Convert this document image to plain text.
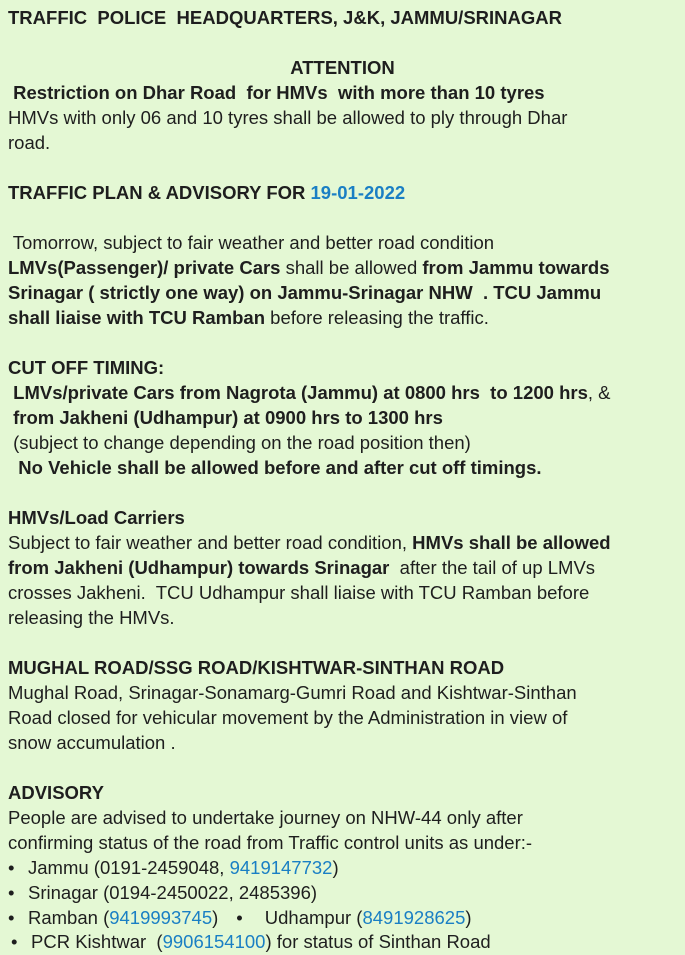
TRAFFIC  POLICE  HEADQUARTERS, J&K, JAMMU/SRINAGAR
ATTENTION
Restriction on Dhar Road  for HMVs  with more than 10 tyres
HMVs with only 06 and 10 tyres shall be allowed to ply through Dhar
road.
TRAFFIC PLAN & ADVISORY FOR 19-01-2022
Tomorrow, subject to fair weather and better road condition
LMVs(Passenger)/ private Cars shall be allowed from Jammu towards
Srinagar ( strictly one way) on Jammu-Srinagar NHW  . TCU Jammu
shall liaise with TCU Ramban before releasing the traffic.
CUT OFF TIMING:
LMVs/private Cars from Nagrota (Jammu) at 0800 hrs  to 1200 hrs, &
from Jakheni (Udhampur) at 0900 hrs to 1300 hrs
(subject to change depending on the road position then)
No Vehicle shall be allowed before and after cut off timings.
HMVs/Load Carriers
Subject to fair weather and better road condition, HMVs shall be allowed
from Jakheni (Udhampur) towards Srinagar  after the tail of up LMVs
crosses Jakheni.  TCU Udhampur shall liaise with TCU Ramban before
releasing the HMVs.
MUGHAL ROAD/SSG ROAD/KISHTWAR-SINTHAN ROAD
Mughal Road, Srinagar-Sonamarg-Gumri Road and Kishtwar-Sinthan
Road closed for vehicular movement by the Administration in view of
snow accumulation .
ADVISORY
People are advised to undertake journey on NHW-44 only after
confirming status of the road from Traffic control units as under:-
• Jammu (0191-2459048, 9419147732)
• Srinagar (0194-2450022, 2485396)
• Ramban (9419993745) • Udhampur (8491928625)
• PCR Kishtwar  (9906154100) for status of Sinthan Road
